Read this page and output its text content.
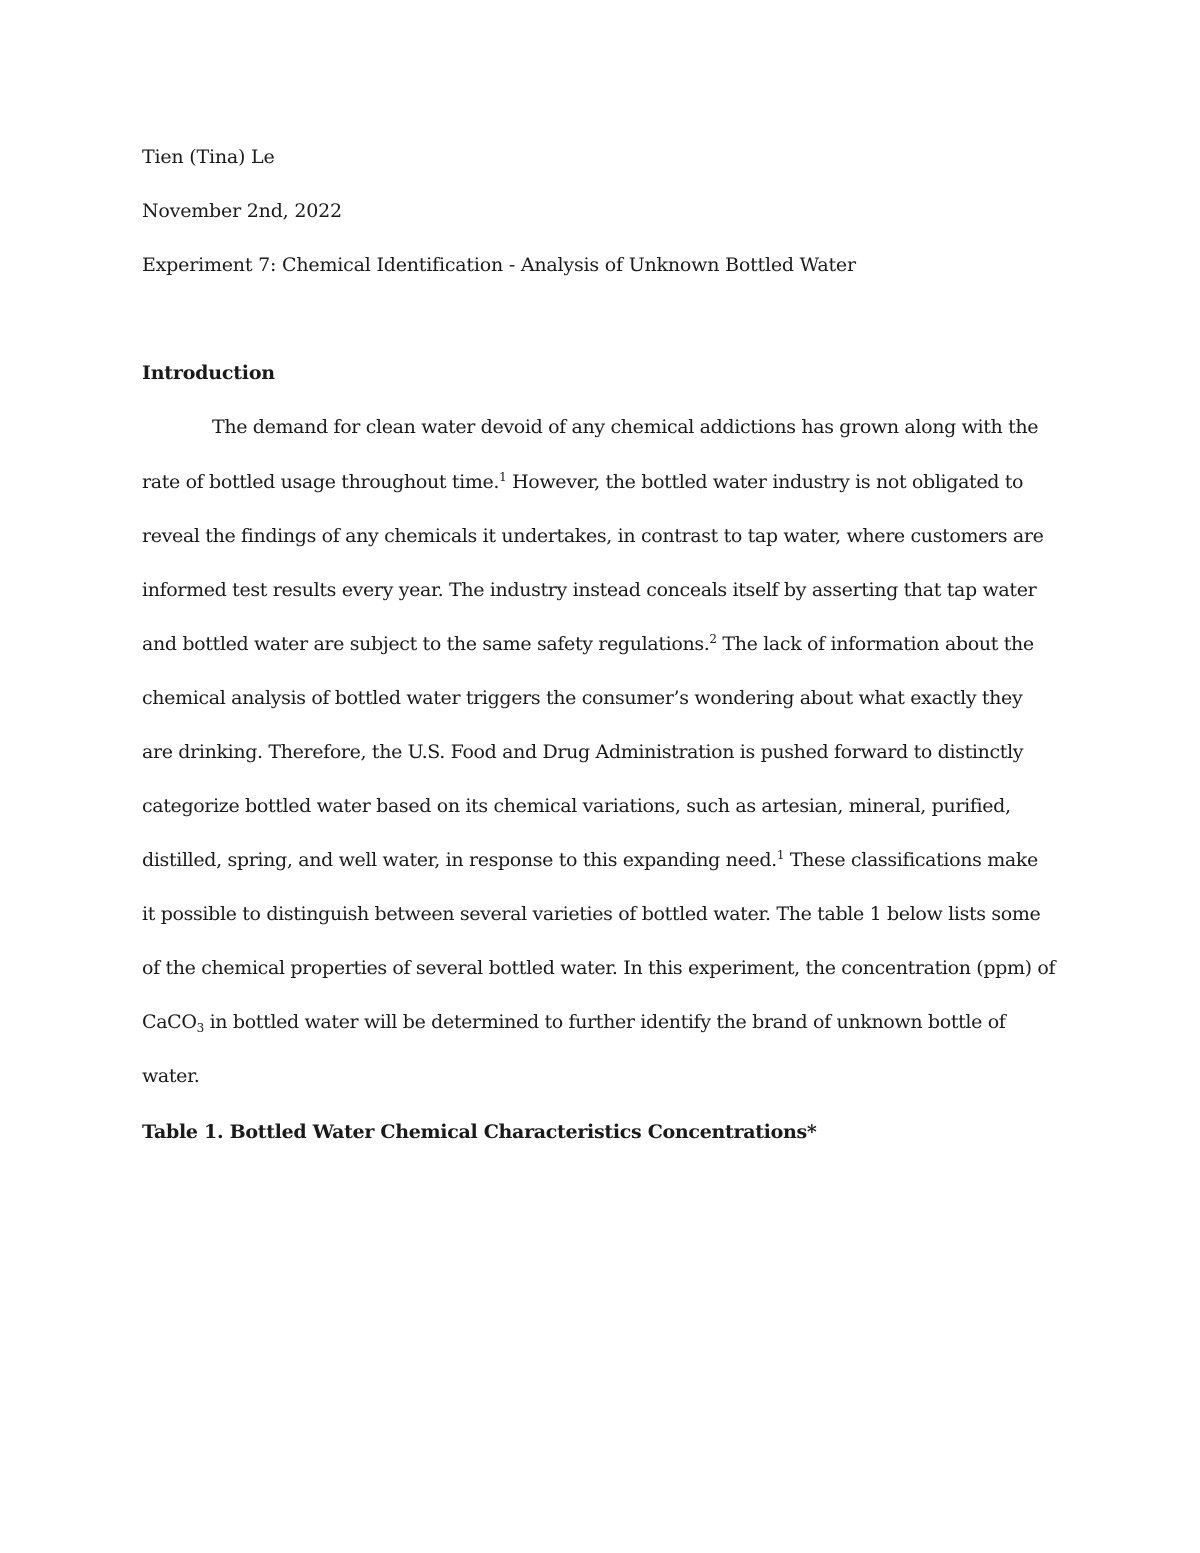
Tien (Tina) Le
November 2nd, 2022
Experiment 7: Chemical Identification - Analysis of Unknown Bottled Water
Introduction
The demand for clean water devoid of any chemical addictions has grown along with the
rate of bottled usage throughout time.$^1$ However, the bottled water industry is not obligated to
reveal the findings of any chemicals it undertakes, in contrast to tap water, where customers are
informed test results every year. The industry instead conceals itself by asserting that tap water
and bottled water are subject to the same safety regulations.$^2$ The lack of information about the
chemical analysis of bottled water triggers the consumer’s wondering about what exactly they
are drinking. Therefore, the U.S. Food and Drug Administration is pushed forward to distinctly
categorize bottled water based on its chemical variations, such as artesian, mineral, purified,
distilled, spring, and well water, in response to this expanding need.$^1$ These classifications make
it possible to distinguish between several varieties of bottled water. The table 1 below lists some
of the chemical properties of several bottled water. In this experiment, the concentration (ppm) of
CaCO$_3$ in bottled water will be determined to further identify the brand of unknown bottle of
water.
Table 1. Bottled Water Chemical Characteristics Concentrations*
